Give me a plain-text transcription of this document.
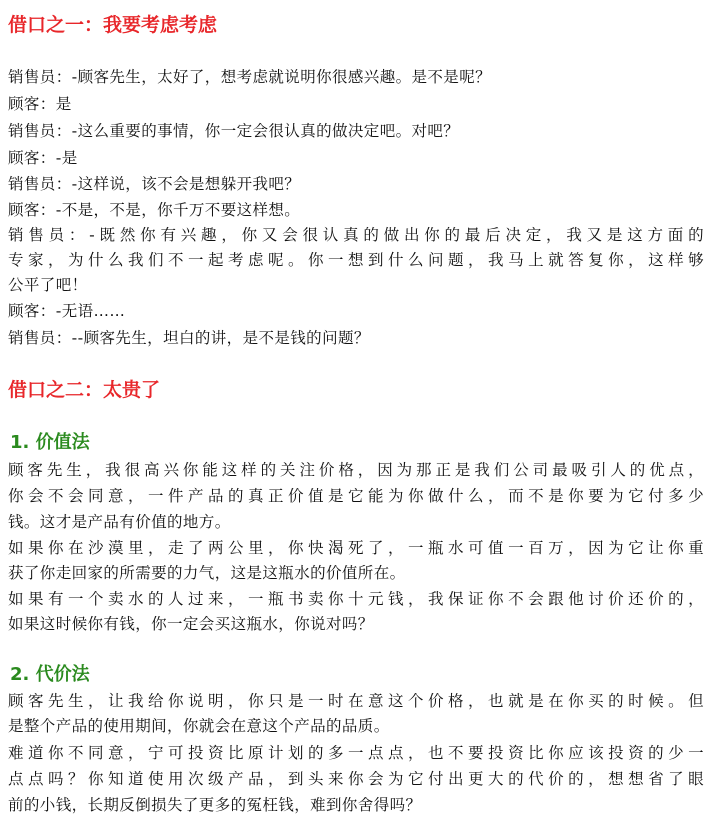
借口之一：我要考虑考虑
销售员：-顾客先生，太好了，想考虑就说明你很感兴趣。是不是呢？
顾客：是
销售员：-这么重要的事情，你一定会很认真的做决定吧。对吧？
顾客：-是
销售员：-这样说，该不会是想躲开我吧？
顾客：-不是，不是，你千万不要这样想。
销售员：-既然你有兴趣，你又会很认真的做出你的最后决定，我又是这方面的
专家，为什么我们不一起考虑呢。你一想到什么问题，我马上就答复你，这样够
公平了吧！
顾客：-无语……
销售员：--顾客先生，坦白的讲，是不是钱的问题？
借口之二：太贵了
1. 价值法
顾客先生，我很高兴你能这样的关注价格，因为那正是我们公司最吸引人的优点，
你会不会同意，一件产品的真正价值是它能为你做什么，而不是你要为它付多少
钱。这才是产品有价值的地方。
如果你在沙漠里，走了两公里，你快渴死了，一瓶水可值一百万，因为它让你重
获了你走回家的所需要的力气，这是这瓶水的价值所在。
如果有一个卖水的人过来，一瓶书卖你十元钱，我保证你不会跟他讨价还价的，
如果这时候你有钱，你一定会买这瓶水，你说对吗？
2. 代价法
顾客先生，让我给你说明，你只是一时在意这个价格，也就是在你买的时候。但
是整个产品的使用期间，你就会在意这个产品的品质。
难道你不同意，宁可投资比原计划的多一点点，也不要投资比你应该投资的少一
点点吗？你知道使用次级产品，到头来你会为它付出更大的代价的，想想省了眼
前的小钱，长期反倒损失了更多的冤枉钱，难到你舍得吗？
